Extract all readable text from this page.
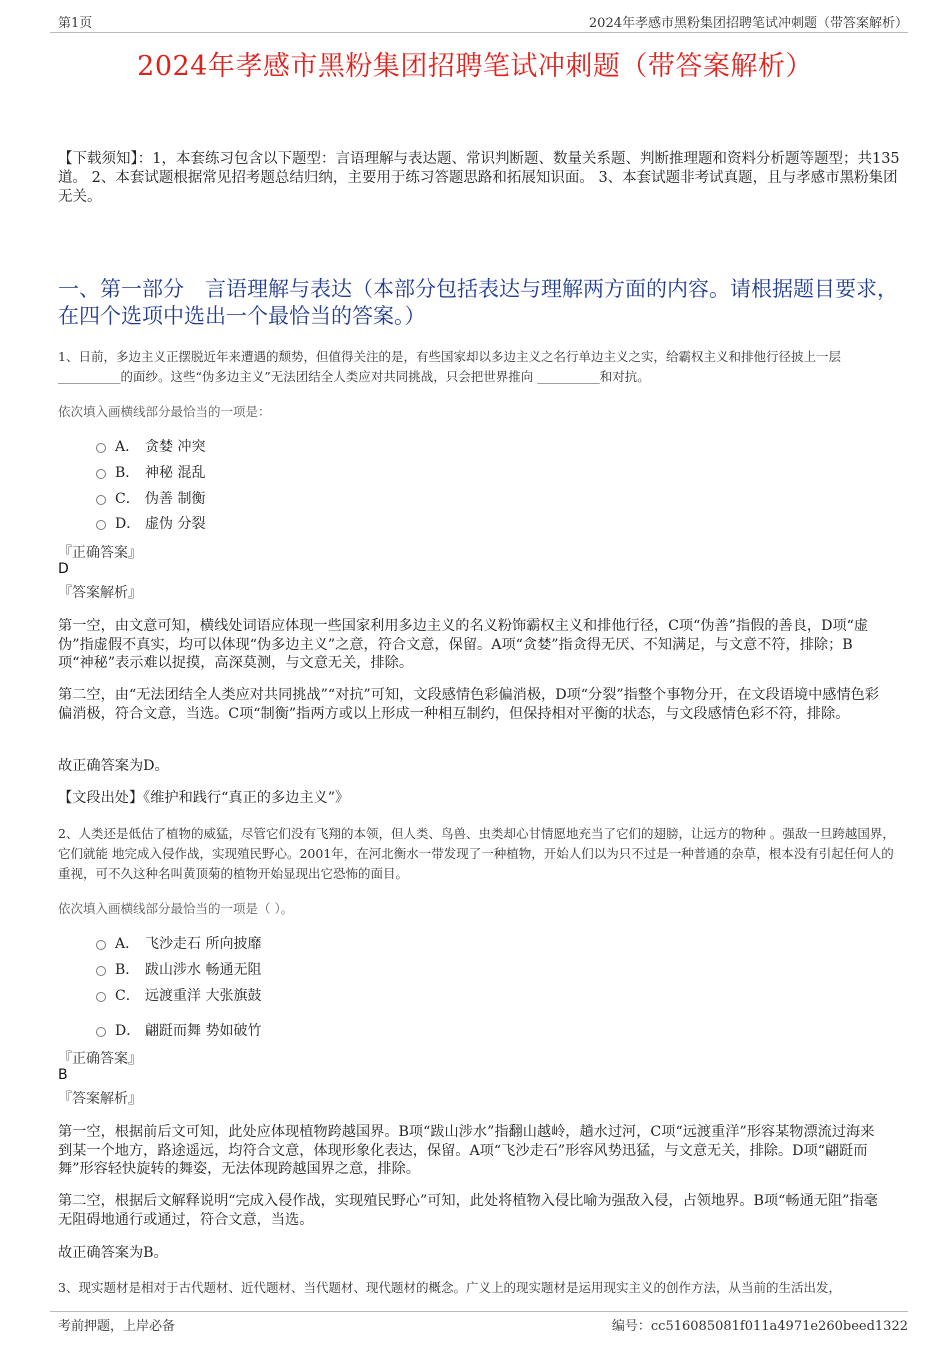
第1页	2024年孝感市黑粉集团招聘笔试冲刺题（带答案解析）
2024年孝感市黑粉集团招聘笔试冲刺题（带答案解析）
【下载须知】：1，本套练习包含以下题型：言语理解与表达题、常识判断题、数量关系题、判断推理题和资料分析题等题型；共135道。 2、本套试题根据常见招考题总结归纳，主要用于练习答题思路和拓展知识面。 3、本套试题非考试真题，且与孝感市黑粉集团无关。
一、第一部分　言语理解与表达（本部分包括表达与理解两方面的内容。请根据题目要求，在四个选项中选出一个最恰当的答案。）
1、日前，多边主义正摆脱近年来遭遇的颓势，但值得关注的是，有些国家却以多边主义之名行单边主义之实，给霸权主义和排他行径披上一层__________的面纱。这些“伪多边主义”无法团结全人类应对共同挑战，只会把世界推向 __________和对抗。
依次填入画横线部分最恰当的一项是：
A． 贪婪 冲突
B． 神秘 混乱
C． 伪善 制衡
D． 虚伪 分裂
『正确答案』
D
『答案解析』
第一空，由文意可知，横线处词语应体现一些国家利用多边主义的名义粉饰霸权主义和排他行径，C项“伪善”指假的善良，D项“虚伪”指虚假不真实，均可以体现“伪多边主义”之意，符合文意，保留。A项“贪婪”指贪得无厌、不知满足，与文意不符，排除；B项“神秘”表示难以捉摸，高深莫测，与文意无关，排除。
第二空，由“无法团结全人类应对共同挑战”“对抗”可知，文段感情色彩偏消极，D项“分裂”指整个事物分开，在文段语境中感情色彩偏消极，符合文意，当选。C项“制衡”指两方或以上形成一种相互制约，但保持相对平衡的状态，与文段感情色彩不符，排除。
故正确答案为D。
【文段出处】《维护和践行“真正的多边主义”》
2、人类还是低估了植物的威猛，尽管它们没有飞翔的本领，但人类、鸟兽、虫类却心甘情愿地充当了它们的翅膀，让远方的物种 。强敌一旦跨越国界，它们就能 地完成入侵作战，实现殖民野心。2001年，在河北衡水一带发现了一种植物，开始人们以为只不过是一种普通的杂草，根本没有引起任何人的重视，可不久这种名叫黄顶菊的植物开始显现出它恐怖的面目。
依次填入画横线部分最恰当的一项是（ ）。
A． 飞沙走石 所向披靡
B． 跋山涉水 畅通无阻
C． 远渡重洋 大张旗鼓
D． 翩跹而舞 势如破竹
『正确答案』
B
『答案解析』
第一空，根据前后文可知，此处应体现植物跨越国界。B项“跋山涉水”指翻山越岭，趟水过河，C项“远渡重洋”形容某物漂流过海来到某一个地方，路途遥远，均符合文意，体现形象化表达，保留。A项“飞沙走石”形容风势迅猛，与文意无关，排除。D项“翩跹而舞”形容轻快旋转的舞姿，无法体现跨越国界之意，排除。
第二空，根据后文解释说明“完成入侵作战，实现殖民野心”可知，此处将植物入侵比喻为强敌入侵，占领地界。B项“畅通无阻”指毫无阻碍地通行或通过，符合文意，当选。
故正确答案为B。
3、现实题材是相对于古代题材、近代题材、当代题材、现代题材的概念。广义上的现实题材是运用现实主义的创作方法，从当前的生活出发，
考前押题，上岸必备	编号：cc516085081f011a4971e260beed1322
